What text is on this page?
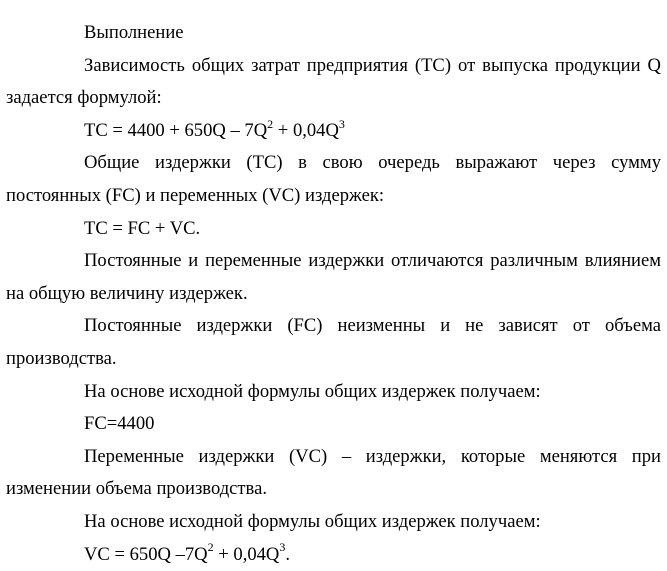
Выполнение
Зависимость общих затрат предприятия (ТС) от выпуска продукции Q
задается формулой:
ТС = $4400 + 650Q - 7Q^2 + 0,04Q^3$
Общие издержки (ТС) в свою очередь выражают через сумму
постоянных (FC) и переменных (VC) издержек:
ТС = FC + VC.
Постоянные и переменные издержки отличаются различным влиянием
на общую величину издержек.
Постоянные издержки (FC) неизменны и не зависят от объема
производства.
На основе исходной формулы общих издержек получаем:
FC=4400
Переменные издержки (VC) – издержки, которые меняются при
изменении объема производства.
На основе исходной формулы общих издержек получаем:
VC = 650Q $-7Q^2 + 0,04Q^3$.
